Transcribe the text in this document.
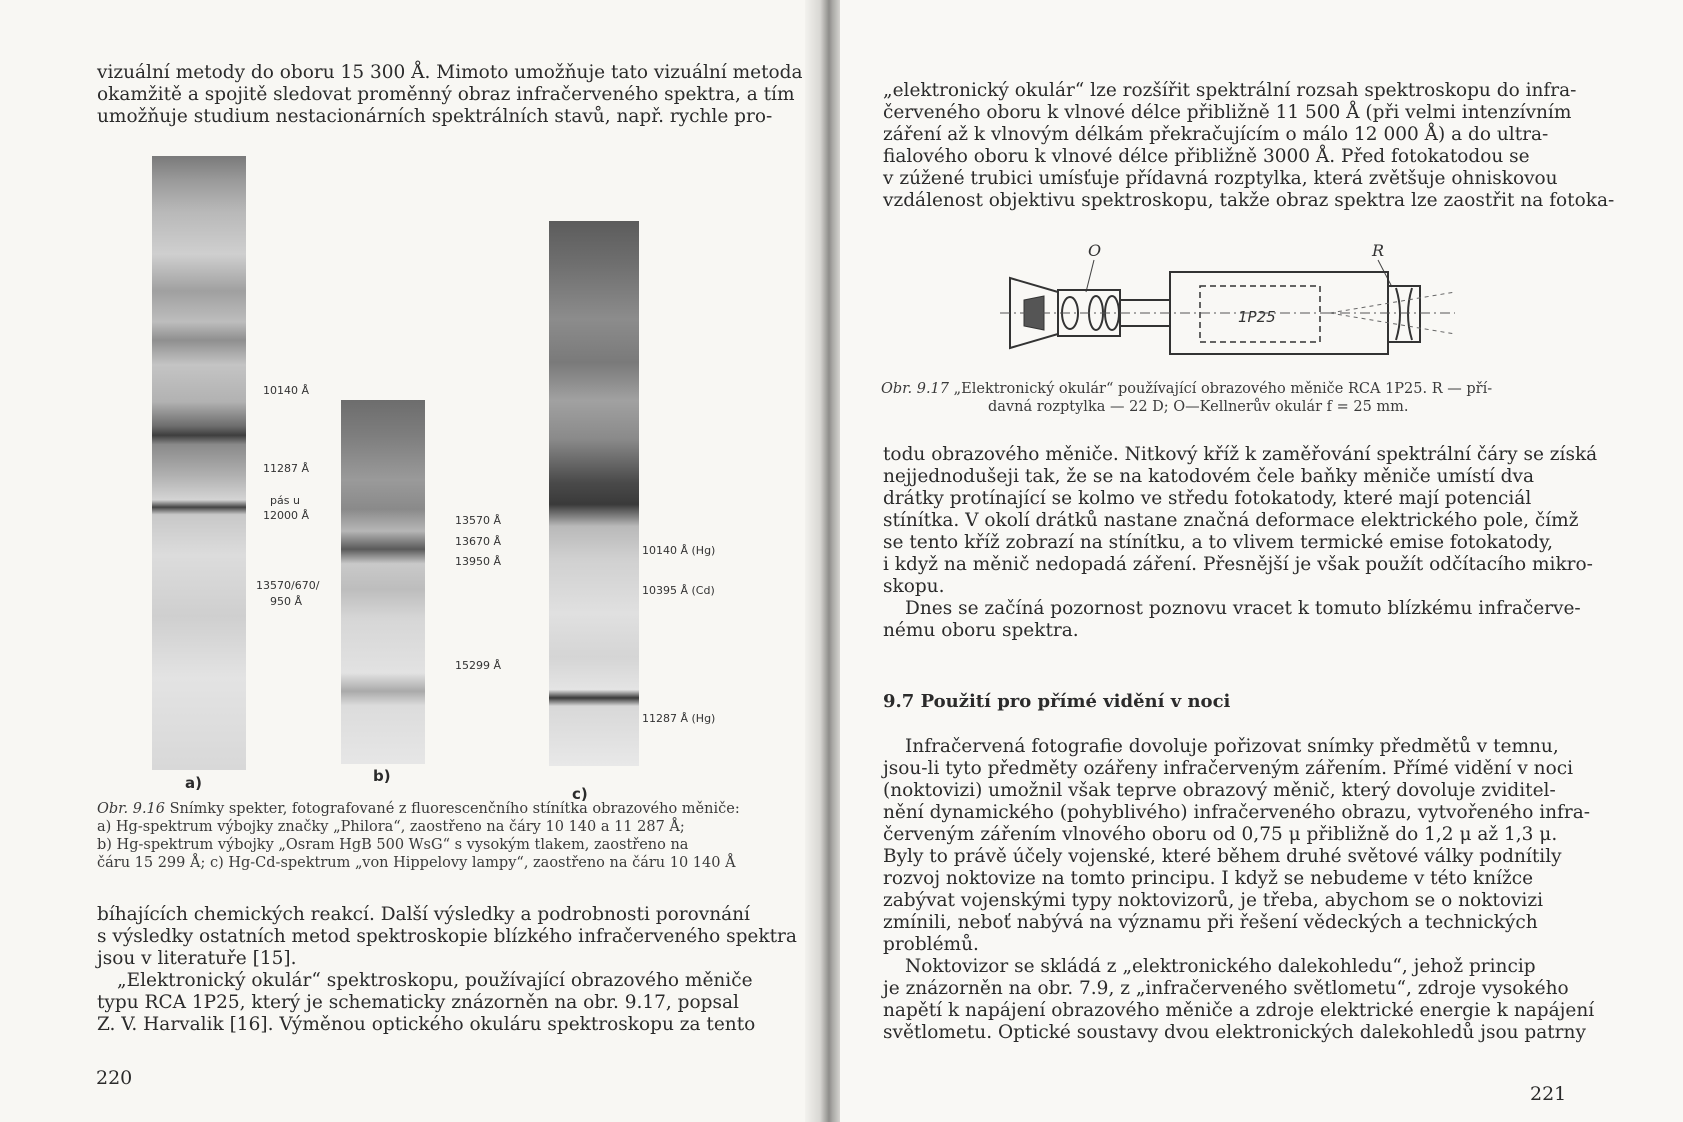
vizuální metody do oboru 15 300 Å. Mimoto umožňuje tato vizuální metoda
okamžitě a spojitě sledovat proměnný obraz infračerveného spektra, a tím
umožňuje studium nestacionárních spektrálních stavů, např. rychle pro-
10140 Å
11287 Å
pás u
12000 Å
13570/670/
950 Å
13570 Å
13670 Å
13950 Å
15299 Å
10140 Å (Hg)
10395 Å (Cd)
11287 Å (Hg)
a)	b)
c)
Obr. 9.16 Snímky spekter, fotografované z fluorescenčního stínítka obrazového měniče:
a) Hg-spektrum výbojky značky „Philora“, zaostřeno na čáry 10 140 a 11 287 Å;
b) Hg-spektrum výbojky „Osram HgB 500 WsG“ s vysokým tlakem, zaostřeno na
čáru 15 299 Å; c) Hg-Cd-spektrum „von Hippelovy lampy“, zaostřeno na čáru 10 140 Å
bíhajících chemických reakcí. Další výsledky a podrobnosti porovnání
s výsledky ostatních metod spektroskopie blízkého infračerveného spektra
jsou v literatuře [15].
„Elektronický okulár“ spektroskopu, používající obrazového měniče
typu RCA 1P25, který je schematicky znázorněn na obr. 9.17, popsal
Z. V. Harvalik [16]. Výměnou optického okuláru spektroskopu za tento
220
„elektronický okulár“ lze rozšířit spektrální rozsah spektroskopu do infra-
červeného oboru k vlnové délce přibližně 11 500 Å (při velmi intenzívním
záření až k vlnovým délkám překračujícím o málo 12 000 Å) a do ultra-
fialového oboru k vlnové délce přibližně 3000 Å. Před fotokatodou se
v zúžené trubici umísťuje přídavná rozptylka, která zvětšuje ohniskovou
vzdálenost objektivu spektroskopu, takže obraz spektra lze zaostřit na fotoka-
O	R
1P25
Obr. 9.17 „Elektronický okulár“ používající obrazového měniče RCA 1P25. R — pří-
davná rozptylka — 22 D; O—Kellnerův okulár f = 25 mm.
todu obrazového měniče. Nitkový kříž k zaměřování spektrální čáry se získá
nejjednodušeji tak, že se na katodovém čele baňky měniče umístí dva
drátky protínající se kolmo ve středu fotokatody, které mají potenciál
stínítka. V okolí drátků nastane značná deformace elektrického pole, čímž
se tento kříž zobrazí na stínítku, a to vlivem termické emise fotokatody,
i když na měnič nedopadá záření. Přesnější je však použít odčítacího mikro-
skopu.
Dnes se začíná pozornost poznovu vracet k tomuto blízkému infračerve-
nému oboru spektra.
9.7 Použití pro přímé vidění v noci
Infračervená fotografie dovoluje pořizovat snímky předmětů v temnu,
jsou-li tyto předměty ozářeny infračerveným zářením. Přímé vidění v noci
(noktovizi) umožnil však teprve obrazový měnič, který dovoluje zviditel-
nění dynamického (pohyblivého) infračerveného obrazu, vytvořeného infra-
červeným zářením vlnového oboru od 0,75 μ přibližně do 1,2 μ až 1,3 μ.
Byly to právě účely vojenské, které během druhé světové války podnítily
rozvoj noktovize na tomto principu. I když se nebudeme v této knížce
zabývat vojenskými typy noktovizorů, je třeba, abychom se o noktovizi
zmínili, neboť nabývá na významu při řešení vědeckých a technických
problémů.
Noktovizor se skládá z „elektronického dalekohledu“, jehož princip
je znázorněn na obr. 7.9, z „infračerveného světlometu“, zdroje vysokého
napětí k napájení obrazového měniče a zdroje elektrické energie k napájení
světlometu. Optické soustavy dvou elektronických dalekohledů jsou patrny
221
